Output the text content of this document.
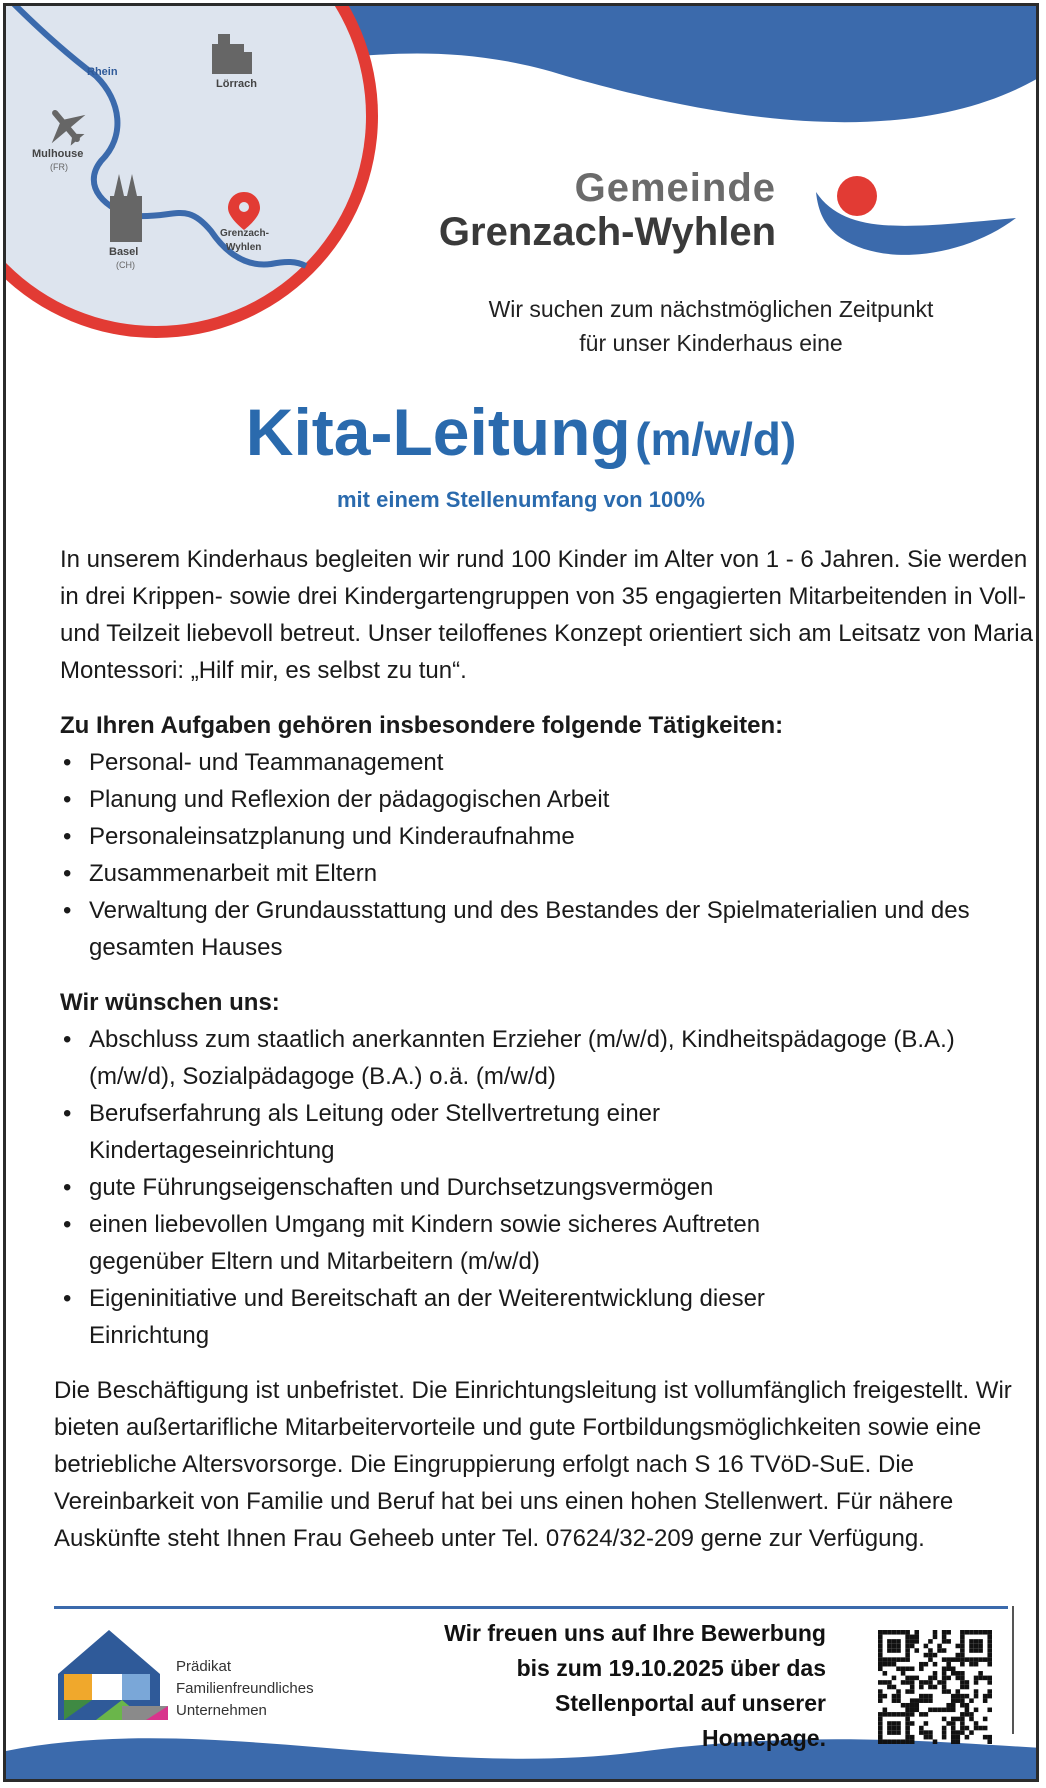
Rhein
Lörrach
Mulhouse
(FR)
Basel
(CH)
Grenzach-
Wyhlen
Gemeinde
Grenzach-Wyhlen
Wir suchen zum nächstmöglichen Zeitpunkt
für unser Kinderhaus eine
Kita-Leitung (m/w/d)
mit einem Stellenumfang von 100%
In unserem Kinderhaus begleiten wir rund 100 Kinder im Alter von 1 - 6 Jahren. Sie werden in drei Krippen- sowie drei Kindergartengruppen von 35 engagierten Mitarbeitenden in Voll- und Teilzeit liebevoll betreut. Unser teiloffenes Konzept orientiert sich am Leitsatz von Maria Montessori: „Hilf mir, es selbst zu tun“.
Zu Ihren Aufgaben gehören insbesondere folgende Tätigkeiten:
• Personal- und Teammanagement
• Planung und Reflexion der pädagogischen Arbeit
• Personaleinsatzplanung und Kinderaufnahme
• Zusammenarbeit mit Eltern
• Verwaltung der Grundausstattung und des Bestandes der Spielmaterialien und des gesamten Hauses
Wir wünschen uns:
• Abschluss zum staatlich anerkannten Erzieher (m/w/d), Kindheitspädagoge (B.A.) (m/w/d), Sozialpädagoge (B.A.) o.ä. (m/w/d)
• Berufserfahrung als Leitung oder Stellvertretung einer Kindertageseinrichtung
• gute Führungseigenschaften und Durchsetzungsvermögen
• einen liebevollen Umgang mit Kindern sowie sicheres Auftreten gegenüber Eltern und Mitarbeitern (m/w/d)
• Eigeninitiative und Bereitschaft an der Weiterentwicklung dieser Einrichtung
Die Beschäftigung ist unbefristet. Die Einrichtungsleitung ist vollumfänglich freigestellt. Wir bieten außertarifliche Mitarbeitervorteile und gute Fortbildungsmöglichkeiten sowie eine betriebliche Altersvorsorge. Die Eingruppierung erfolgt nach S 16 TVöD-SuE. Die Vereinbarkeit von Familie und Beruf hat bei uns einen hohen Stellenwert. Für nähere Auskünfte steht Ihnen Frau Geheeb unter Tel. 07624/32-209 gerne zur Verfügung.
Prädikat
Familienfreundliches
Unternehmen
Wir freuen uns auf Ihre Bewerbung
bis zum 19.10.2025 über das
Stellenportal auf unserer
Homepage.
